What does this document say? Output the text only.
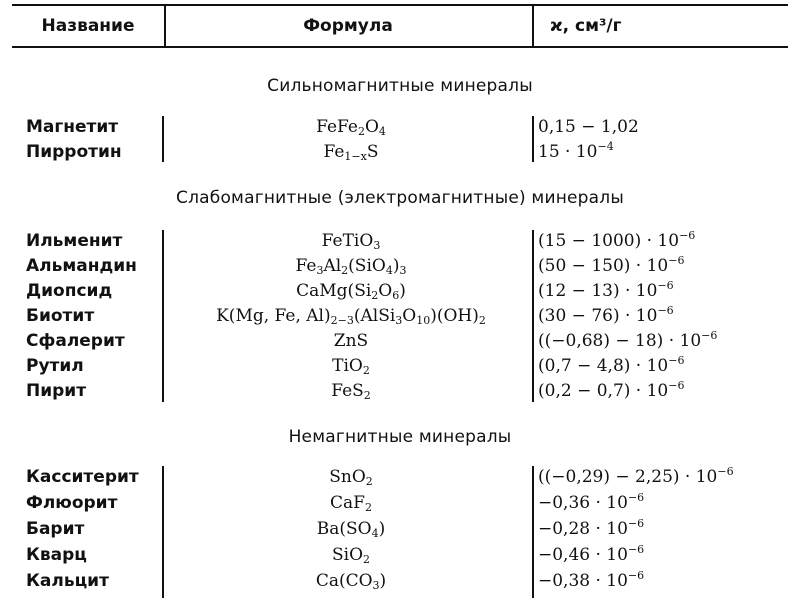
Название	Формула	ϰ, см³/г
Сильномагнитные минералы
Магнетит	$FeFe_2O_4$	0,15 − 1,02
Пирротин	$Fe_{1-x}S$	$15 \cdot 10^{-4}$
Слабомагнитные (электромагнитные) минералы
Ильменит	FeTiO$_3$	$(15 - 1000) \cdot 10^{-6}$
Альмандин	$Fe_3Al_2(SiO_4)_3$	$(50 - 150) \cdot 10^{-6}$
Диопсид	$CaMg(Si_2O_6)$	$(12 - 13) \cdot 10^{-6}$
Биотит	K(Mg, Fe, $Al)_{2-3}(AlSi_3O_{10})(OH)_2$	$(30 - 76) \cdot 10^{-6}$
Сфалерит	ZnS	$((-0,68) - 18) \cdot 10^{-6}$
Рутил	TiO$_2$	$(0,7 - 4,8) \cdot 10^{-6}$
Пирит	FeS$_2$	$(0,2 - 0,7) \cdot 10^{-6}$
Немагнитные минералы
Касситерит	SnO$_2$	$((-0,29) - 2,25) \cdot 10^{-6}$
Флюорит	CaF$_2$	$-0,36 \cdot 10^{-6}$
Барит	$Ba(SO_4)$	$-0,28 \cdot 10^{-6}$
Кварц	SiO$_2$	$-0,46 \cdot 10^{-6}$
Кальцит	$Ca(CO_3)$	$-0,38 \cdot 10^{-6}$
